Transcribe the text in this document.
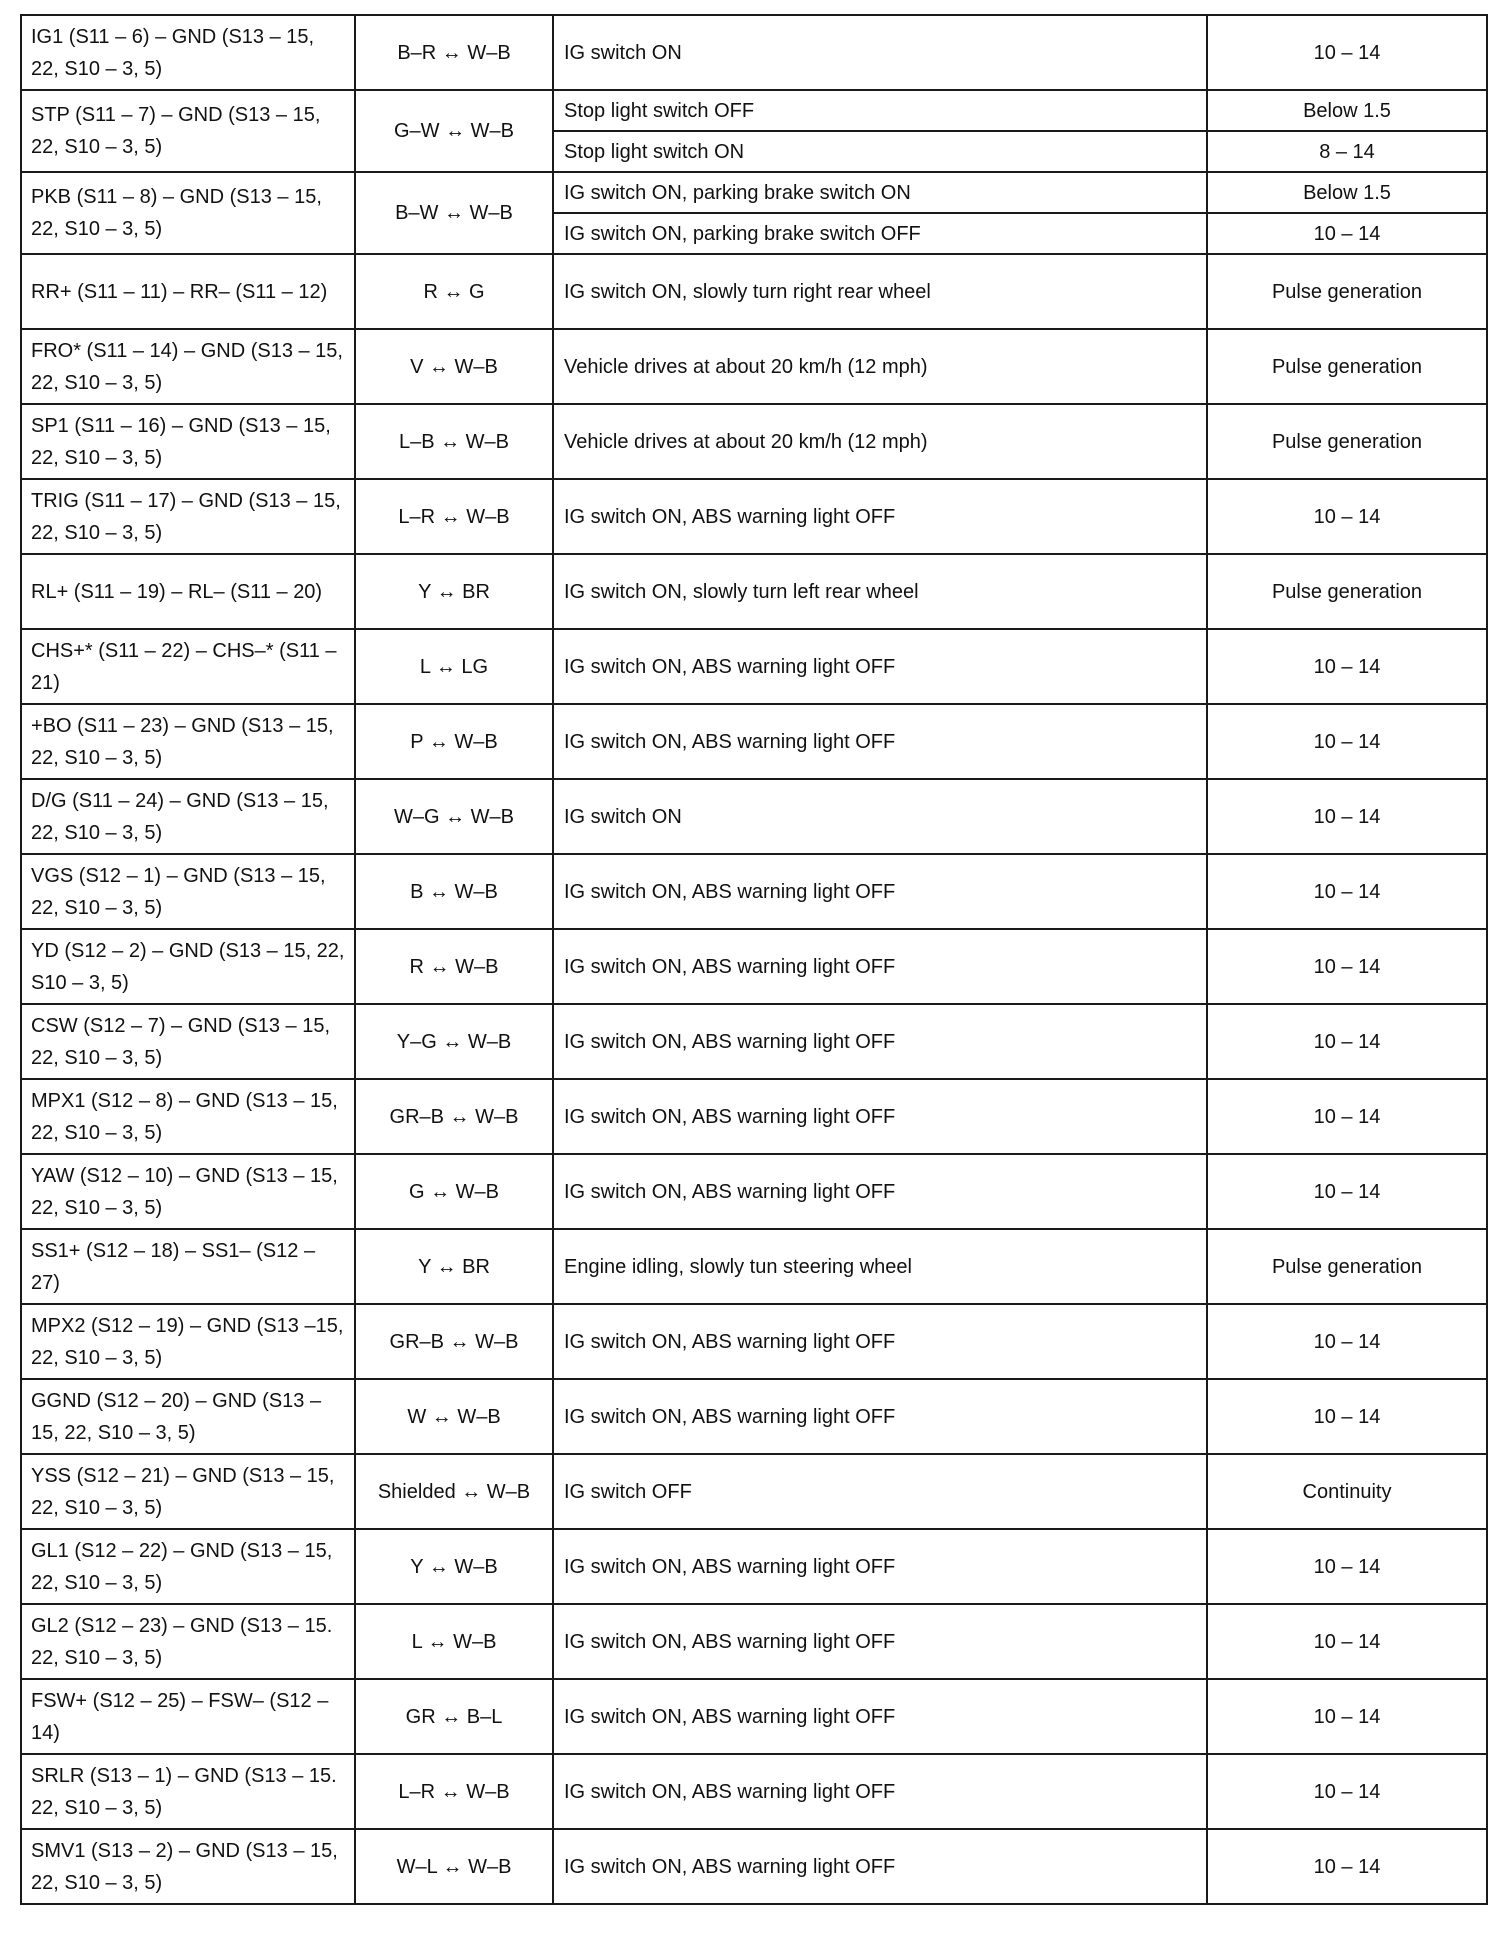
IG1 (S11 – 6) – GND (S13 – 15, 22, S10 – 3, 5)	B–R ↔ W–B	IG switch ON	10 – 14
STP (S11 – 7) – GND (S13 – 15, 22, S10 – 3, 5)	G–W ↔ W–B	Stop light switch OFF	Below 1.5
		Stop light switch ON	8 – 14
PKB (S11 – 8) – GND (S13 – 15, 22, S10 – 3, 5)	B–W ↔ W–B	IG switch ON, parking brake switch ON	Below 1.5
		IG switch ON, parking brake switch OFF	10 – 14
RR+ (S11 – 11) – RR– (S11 – 12)	R ↔ G	IG switch ON, slowly turn right rear wheel	Pulse generation
FRO* (S11 – 14) – GND (S13 – 15, 22, S10 – 3, 5)	V ↔ W–B	Vehicle drives at about 20 km/h (12 mph)	Pulse generation
SP1 (S11 – 16) – GND (S13 – 15, 22, S10 – 3, 5)	L–B ↔ W–B	Vehicle drives at about 20 km/h (12 mph)	Pulse generation
TRIG (S11 – 17) – GND (S13 – 15, 22, S10 – 3, 5)	L–R ↔ W–B	IG switch ON, ABS warning light OFF	10 – 14
RL+ (S11 – 19) – RL– (S11 – 20)	Y ↔ BR	IG switch ON, slowly turn left rear wheel	Pulse generation
CHS+* (S11 – 22) – CHS–* (S11 – 21)	L ↔ LG	IG switch ON, ABS warning light OFF	10 – 14
+BO (S11 – 23) – GND (S13 – 15, 22, S10 – 3, 5)	P ↔ W–B	IG switch ON, ABS warning light OFF	10 – 14
D/G (S11 – 24) – GND (S13 – 15, 22, S10 – 3, 5)	W–G ↔ W–B	IG switch ON	10 – 14
VGS (S12 – 1) – GND (S13 – 15, 22, S10 – 3, 5)	B ↔ W–B	IG switch ON, ABS warning light OFF	10 – 14
YD (S12 – 2) – GND (S13 – 15, 22, S10 – 3, 5)	R ↔ W–B	IG switch ON, ABS warning light OFF	10 – 14
CSW (S12 – 7) – GND (S13 – 15, 22, S10 – 3, 5)	Y–G ↔ W–B	IG switch ON, ABS warning light OFF	10 – 14
MPX1 (S12 – 8) – GND (S13 – 15, 22, S10 – 3, 5)	GR–B ↔ W–B	IG switch ON, ABS warning light OFF	10 – 14
YAW (S12 – 10) – GND (S13 – 15, 22, S10 – 3, 5)	G ↔ W–B	IG switch ON, ABS warning light OFF	10 – 14
SS1+ (S12 – 18) – SS1– (S12 – 27)	Y ↔ BR	Engine idling, slowly tun steering wheel	Pulse generation
MPX2 (S12 – 19) – GND (S13 –15, 22, S10 – 3, 5)	GR–B ↔ W–B	IG switch ON, ABS warning light OFF	10 – 14
GGND (S12 – 20) – GND (S13 – 15, 22, S10 – 3, 5)	W ↔ W–B	IG switch ON, ABS warning light OFF	10 – 14
YSS (S12 – 21) – GND (S13 – 15, 22, S10 – 3, 5)	Shielded ↔ W–B	IG switch OFF	Continuity
GL1 (S12 – 22) – GND (S13 – 15, 22, S10 – 3, 5)	Y ↔ W–B	IG switch ON, ABS warning light OFF	10 – 14
GL2 (S12 – 23) – GND (S13 – 15. 22, S10 – 3, 5)	L ↔ W–B	IG switch ON, ABS warning light OFF	10 – 14
FSW+ (S12 – 25) – FSW– (S12 – 14)	GR ↔ B–L	IG switch ON, ABS warning light OFF	10 – 14
SRLR (S13 – 1) – GND (S13 – 15. 22, S10 – 3, 5)	L–R ↔ W–B	IG switch ON, ABS warning light OFF	10 – 14
SMV1 (S13 – 2) – GND (S13 – 15, 22, S10 – 3, 5)	W–L ↔ W–B	IG switch ON, ABS warning light OFF	10 – 14
